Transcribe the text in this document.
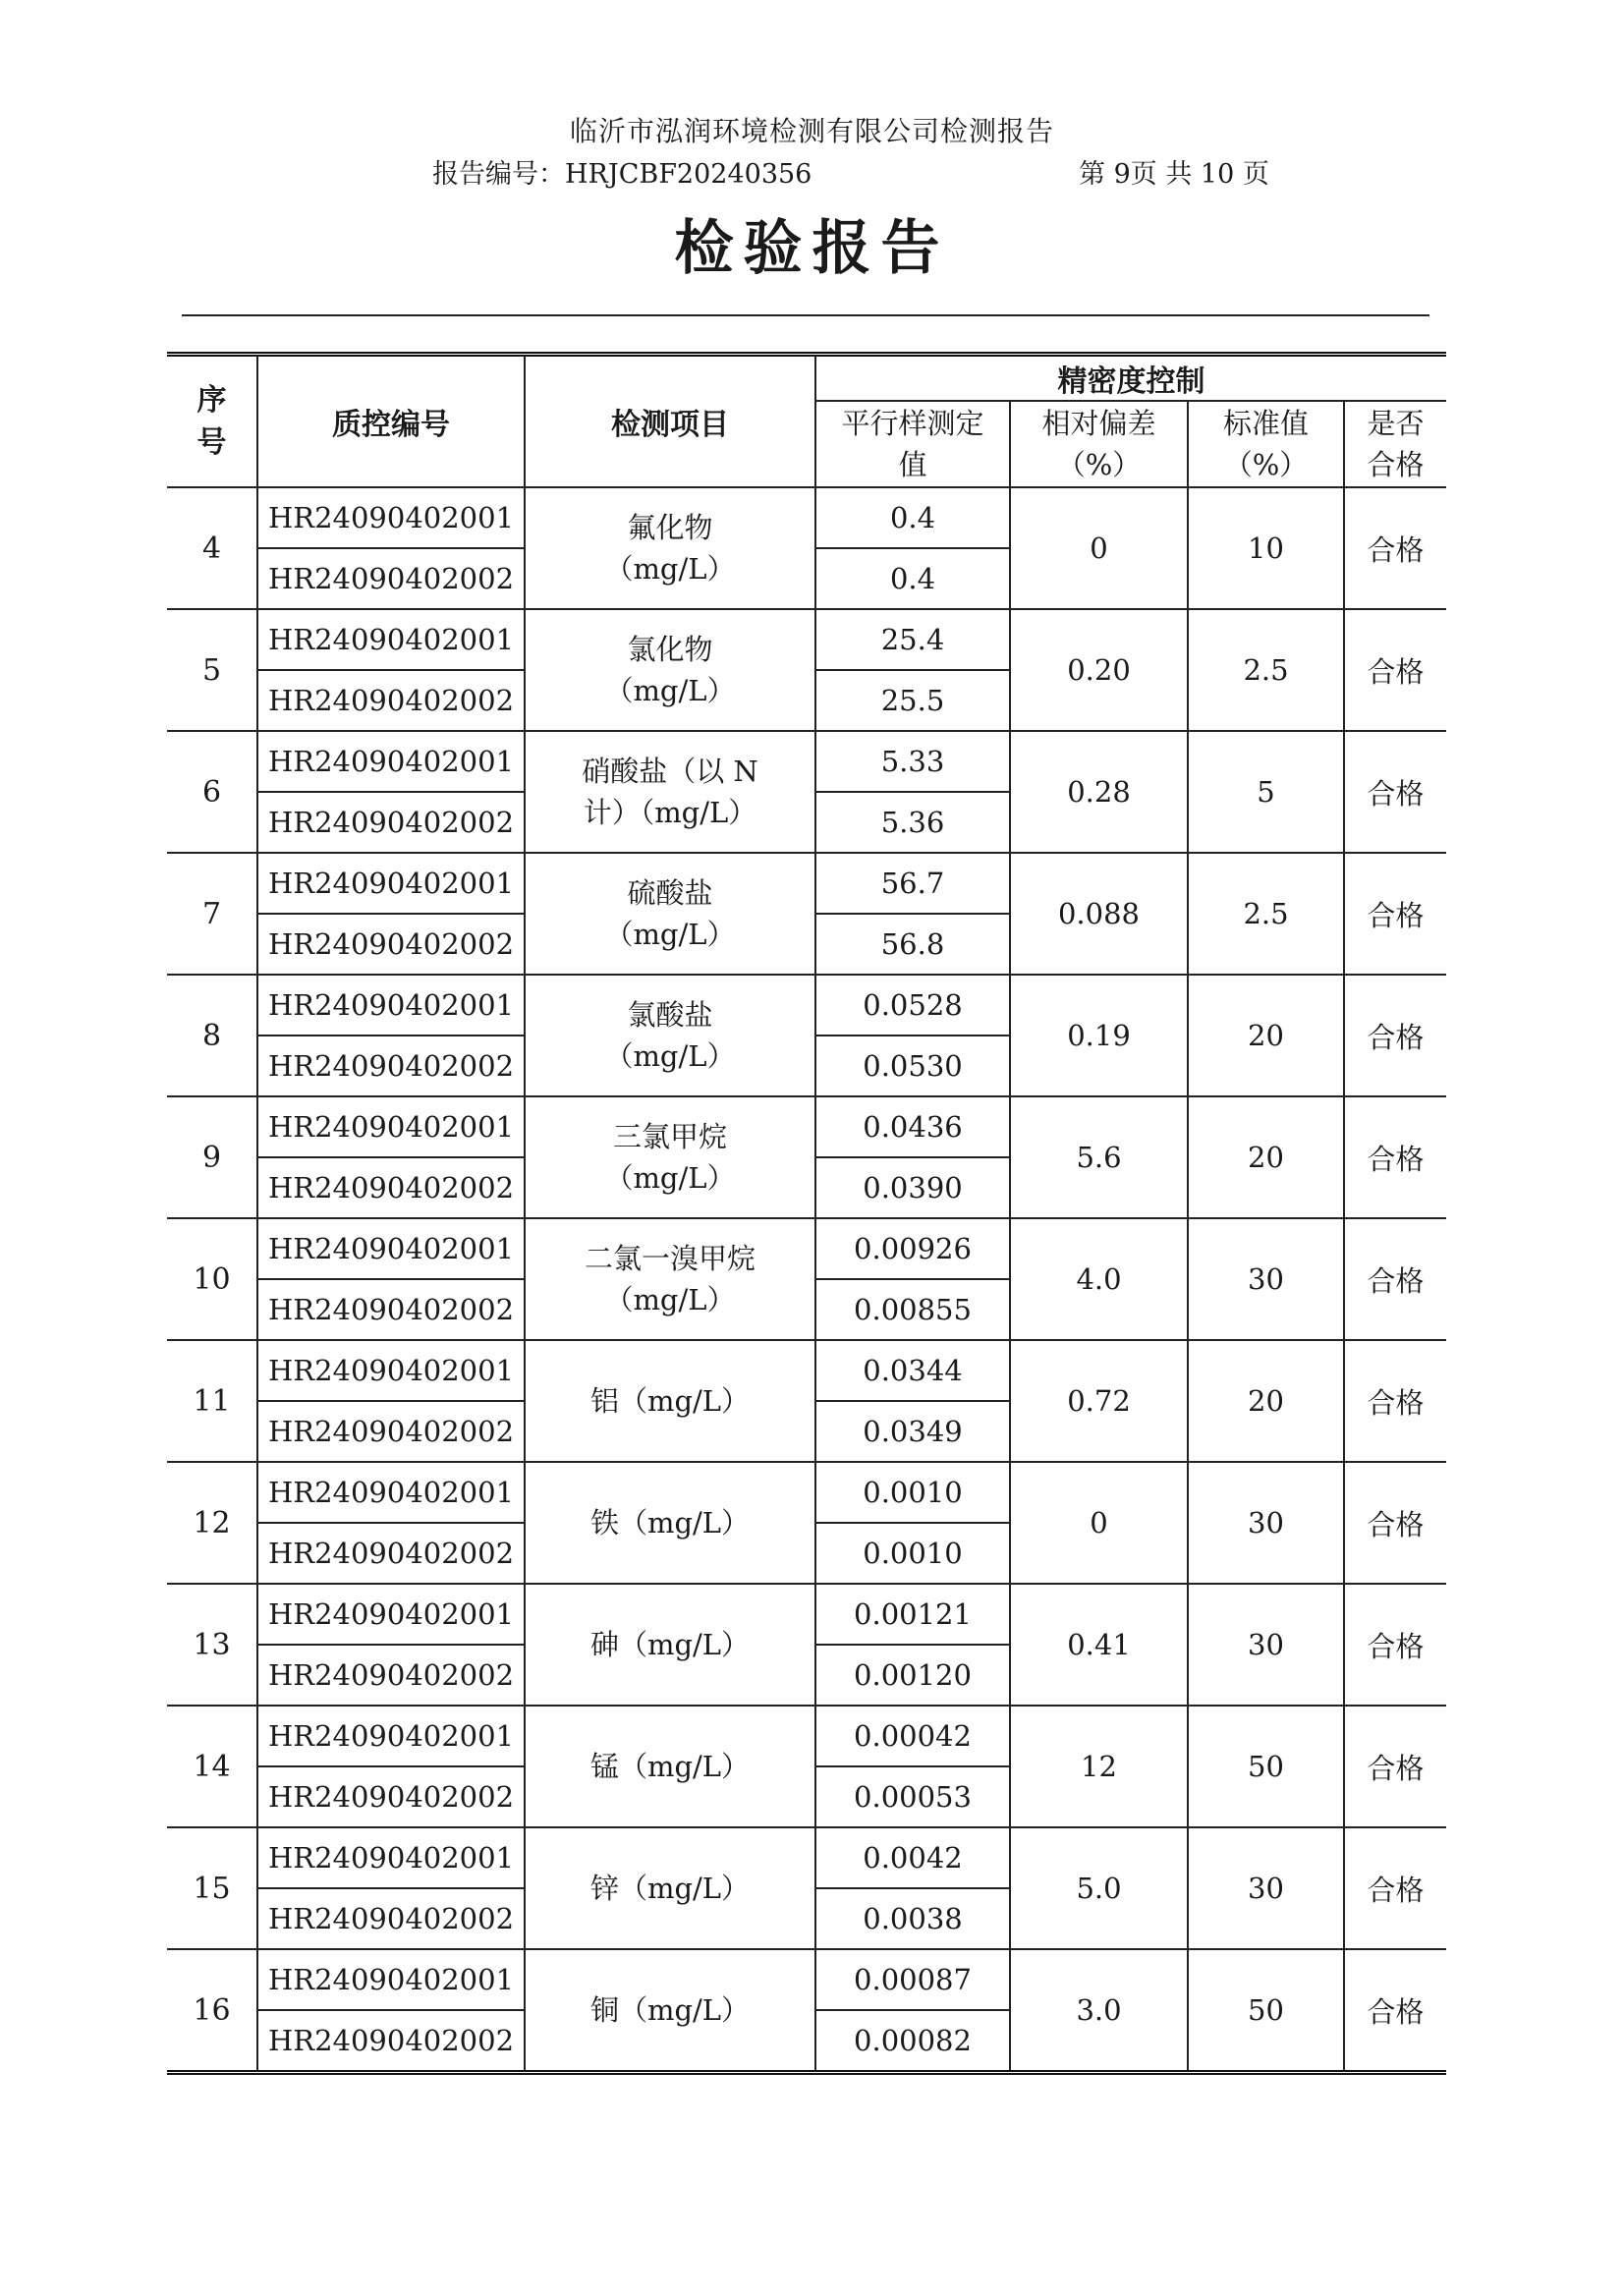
临沂市泓润环境检测有限公司检测报告
报告编号：HRJCBF20240356	第 9页 共 10 页
检验报告
序号	质控编号	检测项目	精密度控制			
			平行样测定值	相对偏差（%）	标准值（%）	是否合格
4	HR24090402001	氟化物（mg/L）	0.4	0	10	合格
	HR24090402002		0.4			
5	HR24090402001	氯化物（mg/L）	25.4	0.20	2.5	合格
	HR24090402002		25.5			
6	HR24090402001	硝酸盐（以 N 计）（mg/L）	5.33	0.28	5	合格
	HR24090402002		5.36			
7	HR24090402001	硫酸盐（mg/L）	56.7	0.088	2.5	合格
	HR24090402002		56.8			
8	HR24090402001	氯酸盐（mg/L）	0.0528	0.19	20	合格
	HR24090402002		0.0530			
9	HR24090402001	三氯甲烷（mg/L）	0.0436	5.6	20	合格
	HR24090402002		0.0390			
10	HR24090402001	二氯一溴甲烷（mg/L）	0.00926	4.0	30	合格
	HR24090402002		0.00855			
11	HR24090402001	铝（mg/L）	0.0344	0.72	20	合格
	HR24090402002		0.0349			
12	HR24090402001	铁（mg/L）	0.0010	0	30	合格
	HR24090402002		0.0010			
13	HR24090402001	砷（mg/L）	0.00121	0.41	30	合格
	HR24090402002		0.00120			
14	HR24090402001	锰（mg/L）	0.00042	12	50	合格
	HR24090402002		0.00053			
15	HR24090402001	锌（mg/L）	0.0042	5.0	30	合格
	HR24090402002		0.0038			
16	HR24090402001	铜（mg/L）	0.00087	3.0	50	合格
	HR24090402002		0.00082			
